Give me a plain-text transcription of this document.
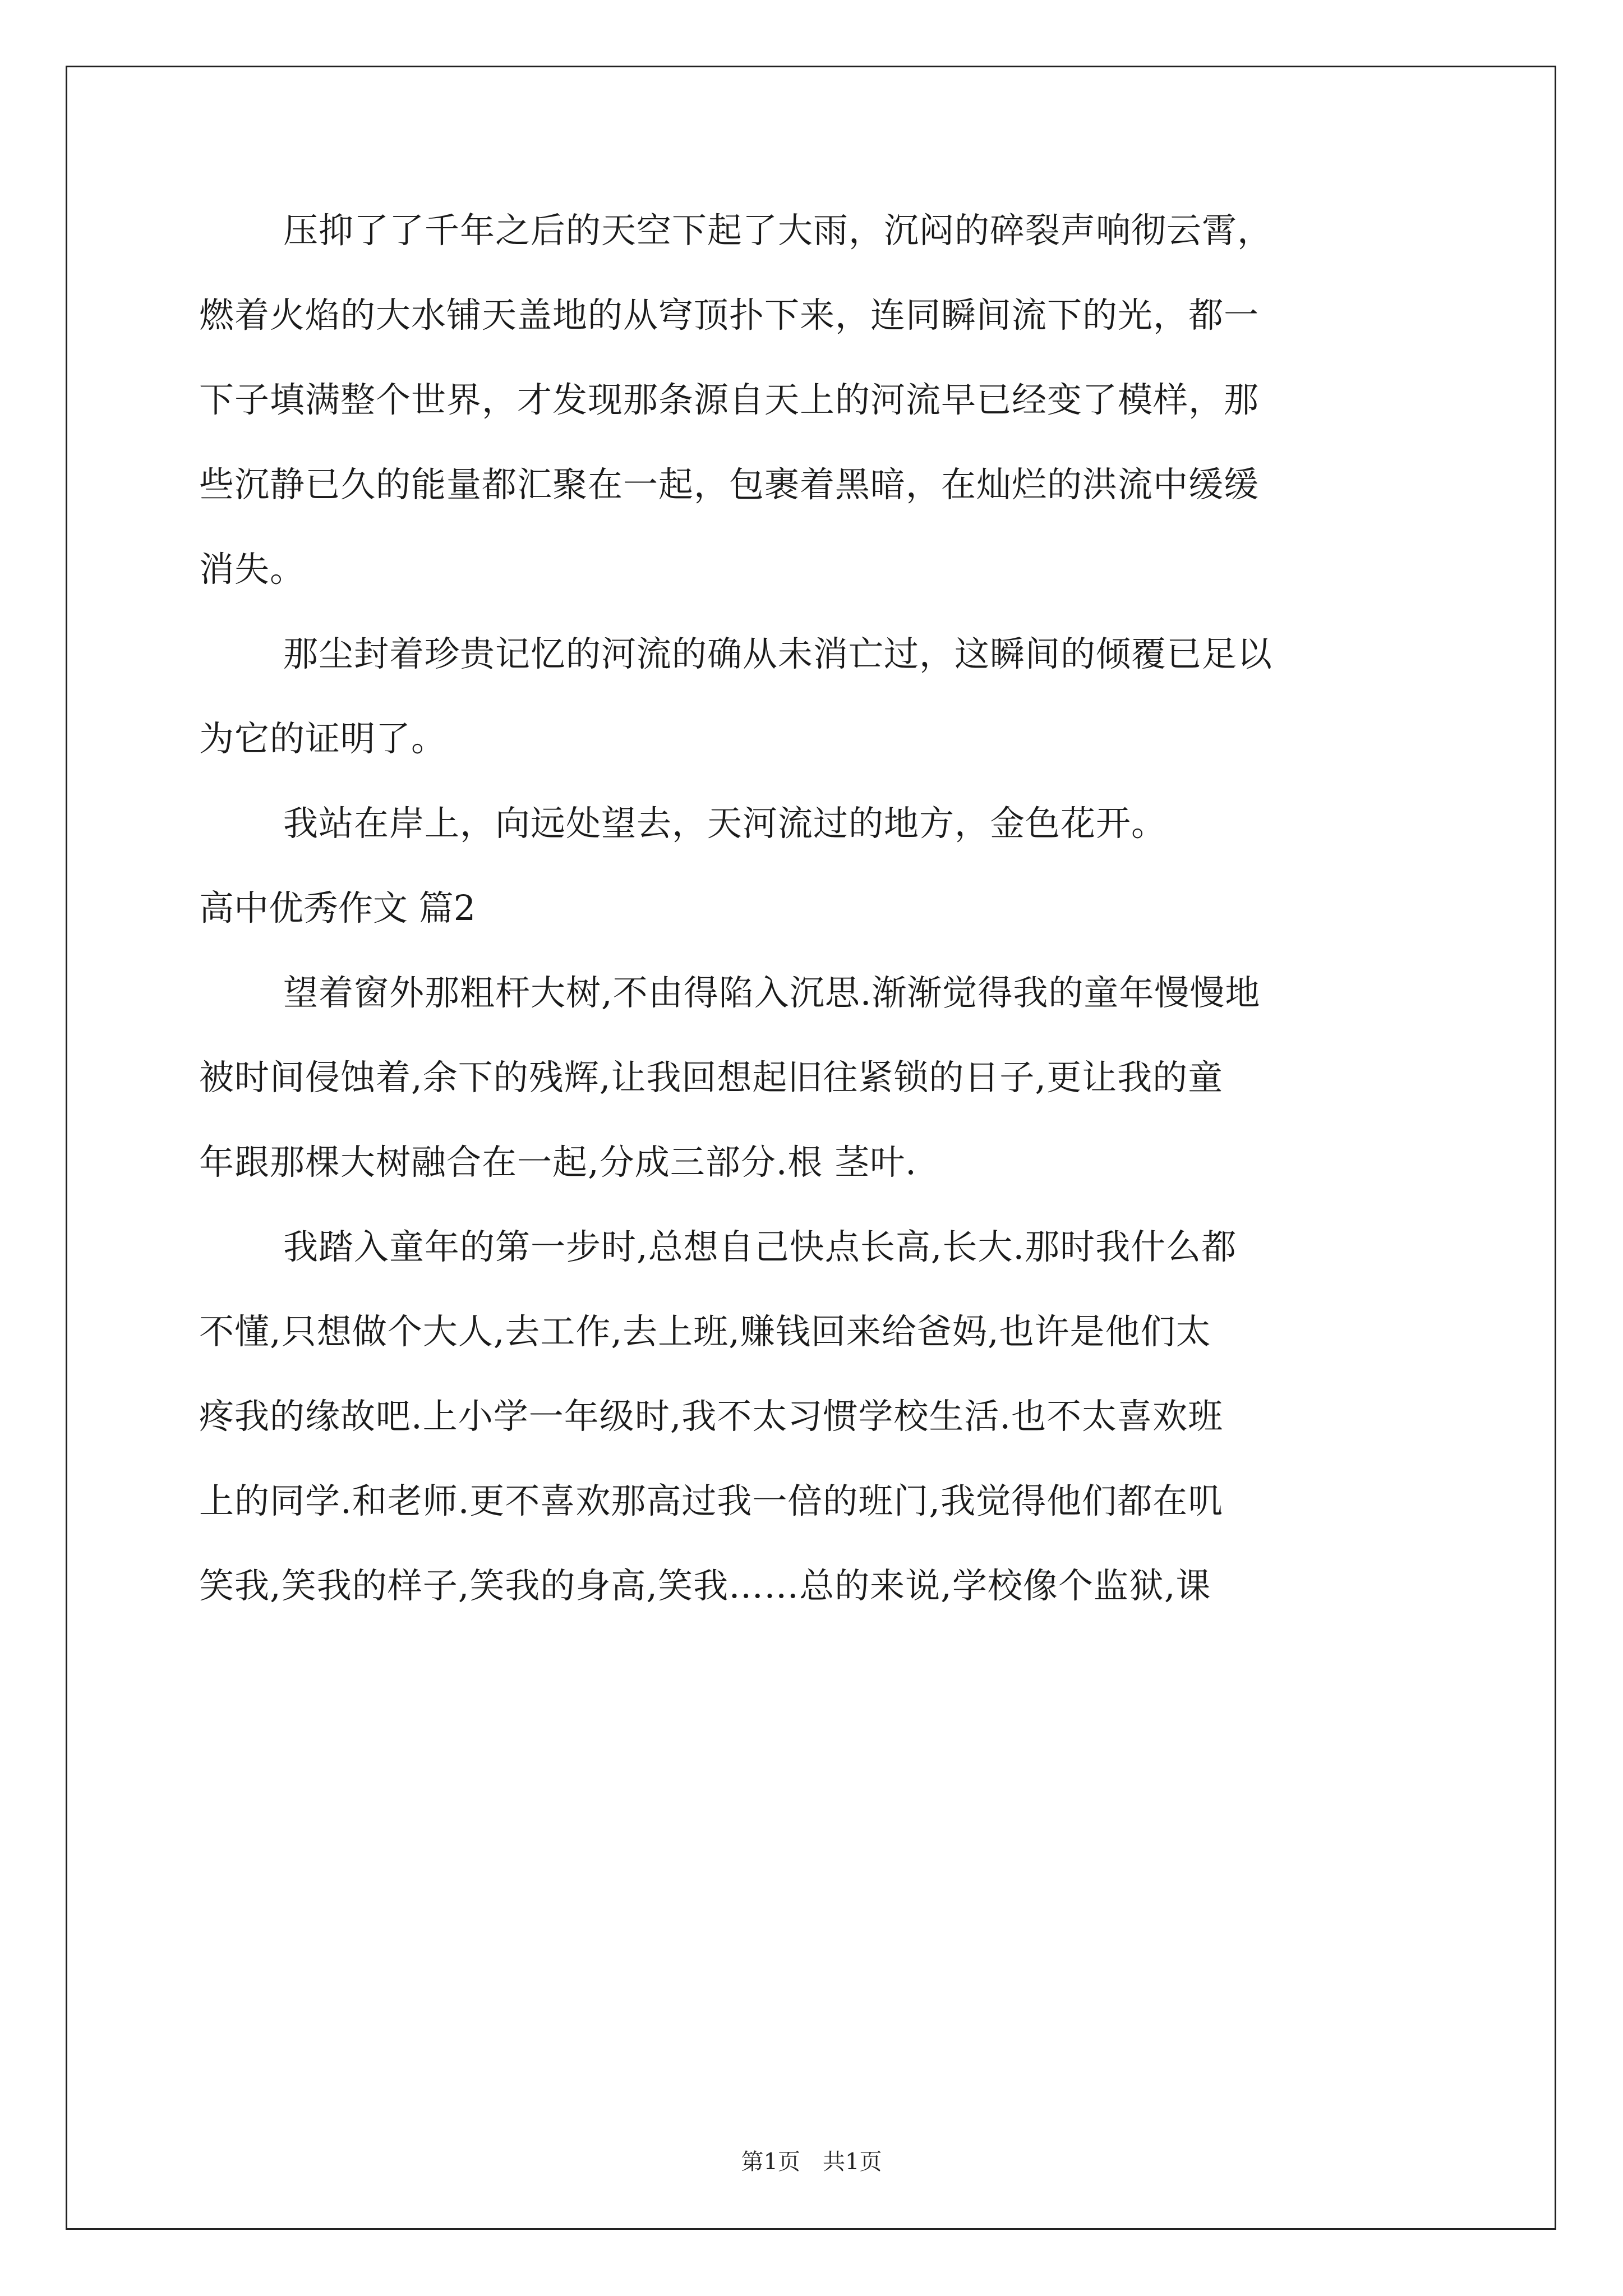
压抑了了千年之后的天空下起了大雨，沉闷的碎裂声响彻云霄，
燃着火焰的大水铺天盖地的从穹顶扑下来，连同瞬间流下的光，都一
下子填满整个世界，才发现那条源自天上的河流早已经变了模样，那
些沉静已久的能量都汇聚在一起，包裹着黑暗，在灿烂的洪流中缓缓
消失。
那尘封着珍贵记忆的河流的确从未消亡过，这瞬间的倾覆已足以
为它的证明了。
我站在岸上，向远处望去，天河流过的地方，金色花开。
高中优秀作文 篇2
望着窗外那粗杆大树,不由得陷入沉思.渐渐觉得我的童年慢慢地
被时间侵蚀着,余下的残辉,让我回想起旧往紧锁的日子,更让我的童
年跟那棵大树融合在一起,分成三部分.根 茎叶.
我踏入童年的第一步时,总想自己快点长高,长大.那时我什么都
不懂,只想做个大人,去工作,去上班,赚钱回来给爸妈,也许是他们太
疼我的缘故吧.上小学一年级时,我不太习惯学校生活.也不太喜欢班
上的同学.和老师.更不喜欢那高过我一倍的班门,我觉得他们都在叽
笑我,笑我的样子,笑我的身高,笑我……总的来说,学校像个监狱,课
第1页　共1页
